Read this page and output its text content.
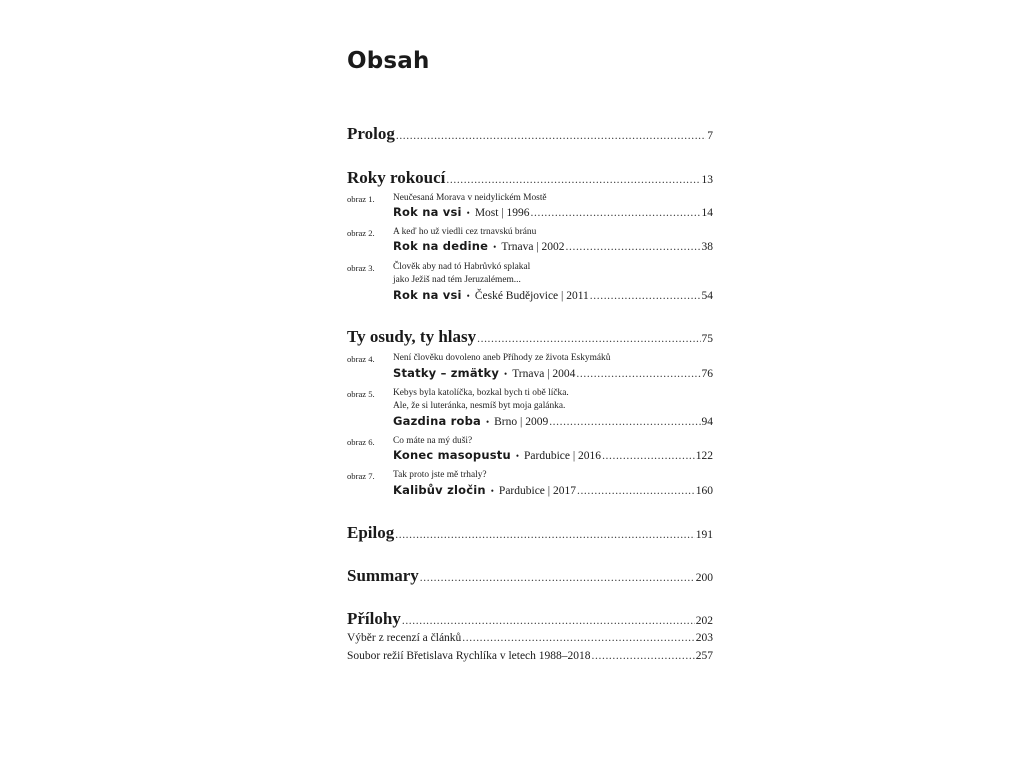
Obsah
Prolog .....	7
Roky rokoucí .....	13
obraz 1. Neučesaná Morava v neidylickém Mostě
Rok na vsi • Most | 1996 .....	14
obraz 2. A keď ho už viedli cez trnavskú bránu
Rok na dedine • Trnava | 2002 .....	38
obraz 3. Člověk aby nad tó Habrůvkó splakal
jako Ježiš nad tém Jeruzalémem...
Rok na vsi • České Budějovice | 2011 .....	54
Ty osudy, ty hlasy .....	75
obraz 4. Není člověku dovoleno aneb Příhody ze života Eskymáků
Statky – zmätky • Trnava | 2004 .....	76
obraz 5. Kebys byla katolíčka, bozkal bych ti obě líčka.
Ale, že si luteránka, nesmíš byt moja galánka.
Gazdina roba • Brno | 2009 .....	94
obraz 6. Co máte na mý duši?
Konec masopustu • Pardubice | 2016 .....	122
obraz 7. Tak proto jste mě trhaly?
Kalibův zločin • Pardubice | 2017 .....	160
Epilog .....	191
Summary .....	200
Přílohy .....	202
Výběr z recenzí a článků .....	203
Soubor režií Břetislava Rychlíka v letech 1988–2018 .....	257
